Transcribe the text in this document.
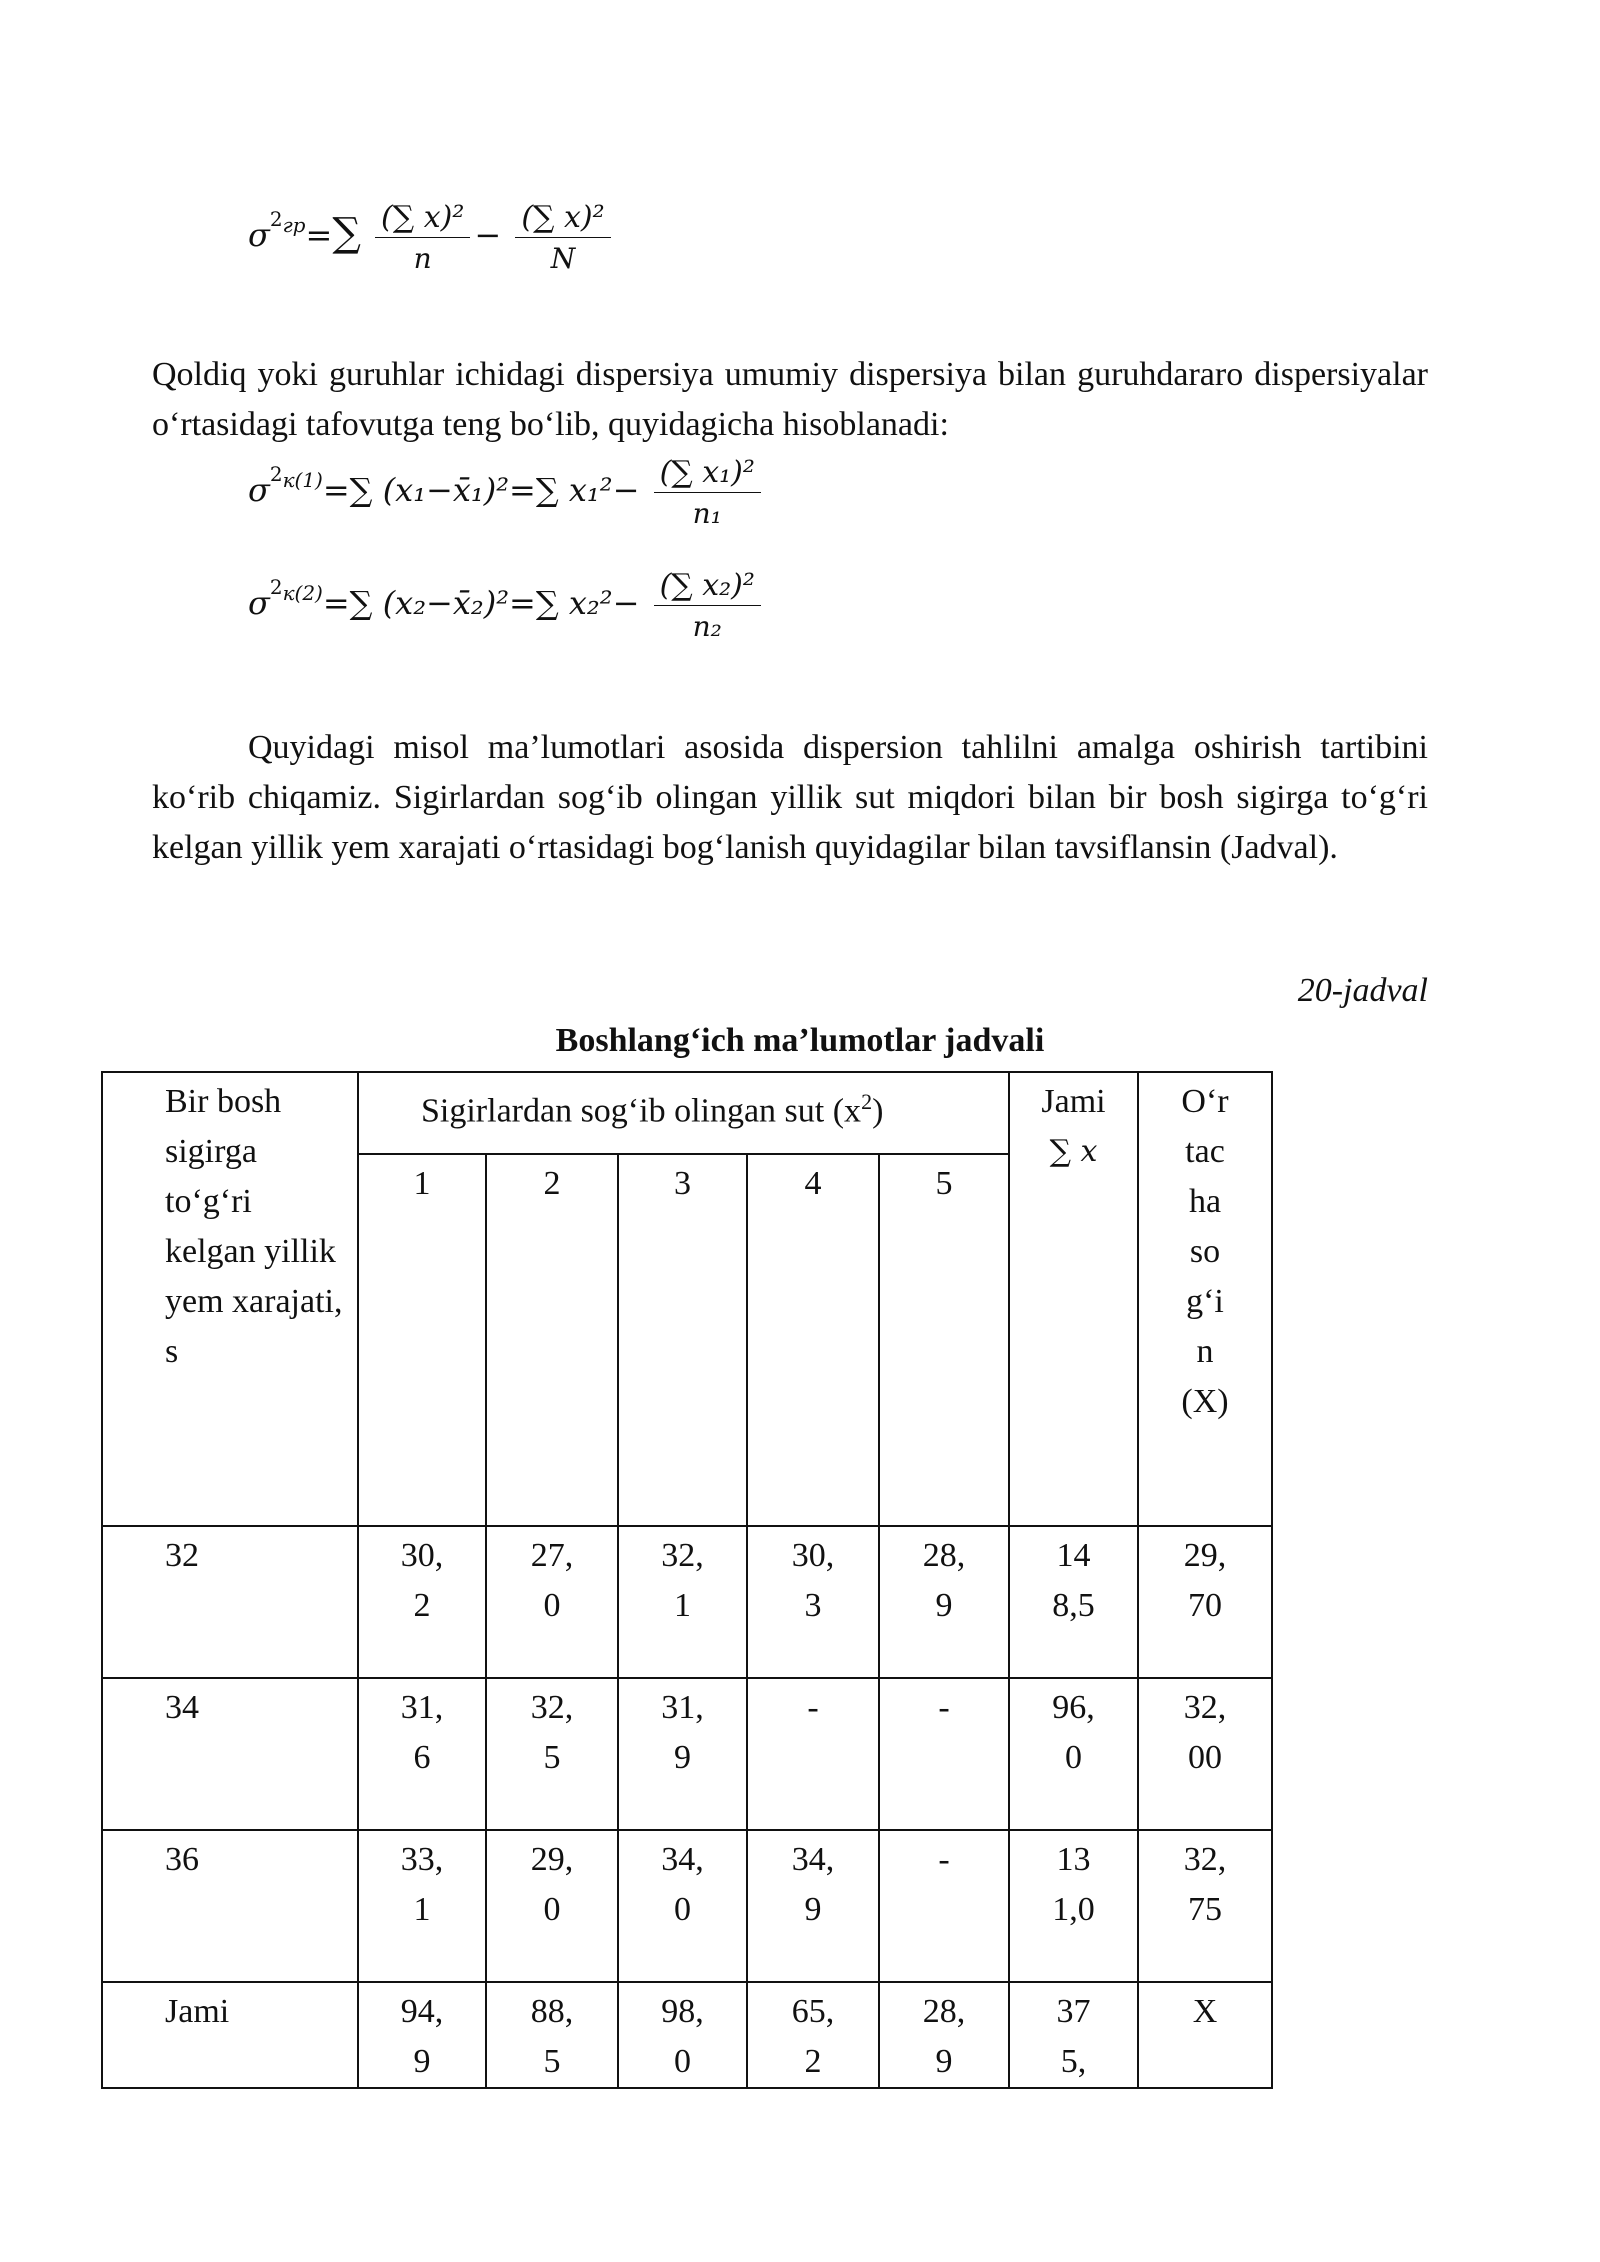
$\sigma^{2гр}=\sum \frac{\text{(∑ x)²}}{n} - \frac{\text{(∑ x)²}}{N}$

Qoldiq yoki guruhlar ichidagi dispersiya umumiy dispersiya bilan guruhdararo dispersiyalar o‘rtasidagi tafovutga teng bo‘lib, quyidagicha hisoblanadi:

$\sigma^{2к(1)}=\sum$ (x₁−x̄₁)²=∑ $x_1^2- \frac{\text{(∑ x₁)²}}{\text{n₁}}$
$\sigma^{2к(2)}=\sum$ (x₂−x̄₂)²=∑ $x_2^2- \frac{\text{(∑ x₂)²}}{\text{n₂}}$

Quyidagi misol ma’lumotlari asosida dispersion tahlilni amalga oshirish tartibini ko‘rib chiqamiz. Sigirlardan sog‘ib olingan yillik sut miqdori bilan bir bosh sigirga to‘g‘ri kelgan yillik yem xarajati o‘rtasidagi bog‘lanish quyidagilar bilan tavsiflansin (Jadval).

20-jadval
Boshlang‘ich ma’lumotlar jadvali
Bir bosh sigirga to‘g‘ri kelgan yillik yem xarajati, s	Sigirlardan sog‘ib olingan sut $(x^2)$					Jami
∑ x	O‘rtacha sog‘in (X)

	1	2	3	4	5		
32	30,2	27,0	32,1	30,3	28,9	148,5	29,70

34	31,6	32,5	31,9	-	-	96,0	32,00

36	33,1	29,0	34,0	34,9	-	131,0	32,75

Jami	94,9	88,5	98,0	65,2	28,9	375,	X
